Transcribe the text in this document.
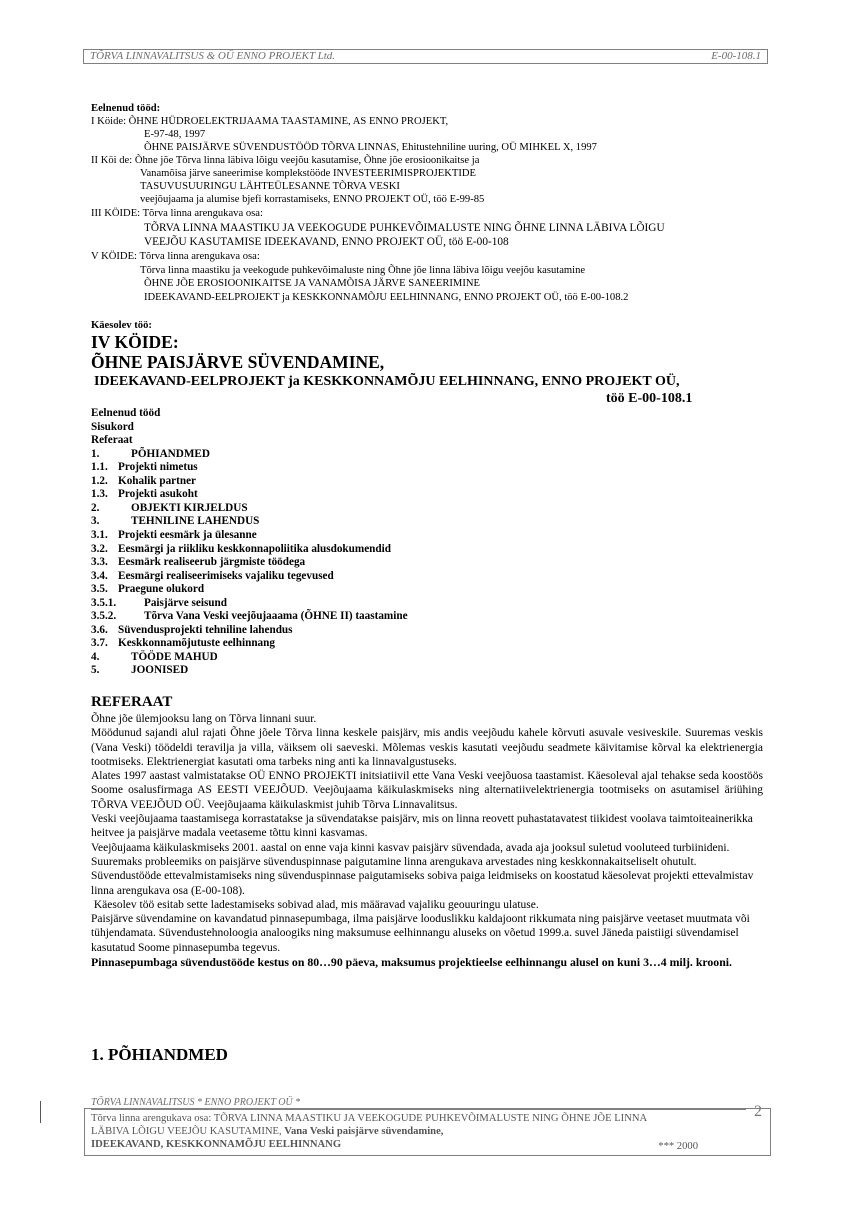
TÕRVA LINNAVALITSUS & OÜ ENNO PROJEKT Ltd.	E-00-108.1
Eelnenud tööd:
I Köide: ÕHNE HÜDROELEKTRIJAAMA TAASTAMINE, AS ENNO PROJEKT,
E-97-48, 1997
ÕHNE PAISJÄRVE SÜVENDUSTÖÖD TÕRVA LINNAS, Ehitustehniline uuring, OÜ MIHKEL X, 1997
II Köi de: Õhne jõe Tõrva linna läbiva lõigu veejõu kasutamise, Õhne jõe erosioonikaitse ja
Vanamõisa järve saneerimise komplekstööde INVESTEERIMISPROJEKTIDE
TASUVUSUURINGU LÄHTEÜLESANNE TÕRVA VESKI
veejõujaama ja alumise bjefi korrastamiseks, ENNO PROJEKT OÜ, töö E-99-85
III KÖIDE: Tõrva linna arengukava osa:
TÕRVA LINNA MAASTIKU JA VEEKOGUDE PUHKEVÕIMALUSTE NING ÕHNE LINNA LÄBIVA LÕIGU
VEEJÕU KASUTAMISE IDEEKAVAND, ENNO PROJEKT OÜ, töö E-00-108
V KÖIDE: Tõrva linna arengukava osa:
Tõrva linna maastiku ja veekogude puhkevõimaluste ning Õhne jõe linna läbiva lõigu veejõu kasutamine
ÕHNE JÕE EROSIOONIKAITSE JA VANAMÕISA JÄRVE SANEERIMINE
IDEEKAVAND-EELPROJEKT ja KESKKONNAMÕJU EELHINNANG, ENNO PROJEKT OÜ, töö E-00-108.2
Käesolev töö:
IV KÖIDE:
ÕHNE PAISJÄRVE SÜVENDAMINE,
IDEEKAVAND-EELPROJEKT ja KESKKONNAMÕJU EELHINNANG, ENNO PROJEKT OÜ,
töö E-00-108.1
Eelnenud tööd
Sisukord
Referaat
1.	PÕHIANDMED
1.1. Projekti nimetus
1.2. Kohalik partner
1.3. Projekti asukoht
2.	OBJEKTI KIRJELDUS
3.	TEHNILINE LAHENDUS
3.1. Projekti eesmärk ja ülesanne
3.2. Eesmärgi ja riikliku keskkonnapoliitika alusdokumendid
3.3. Eesmärk realiseerub järgmiste töödega
3.4. Eesmärgi realiseerimiseks vajaliku tegevused
3.5. Praegune olukord
3.5.1. Paisjärve seisund
3.5.2. Tõrva Vana Veski veejõujaaama (ÕHNE II) taastamine
3.6. Süvendusprojekti tehniline lahendus
3.7. Keskkonnamõjutuste eelhinnang
4.	TÖÖDE MAHUD
5.	JOONISED
REFERAAT
Õhne jõe ülemjooksu lang on Tõrva linnani suur.
Möödunud sajandi alul rajati Õhne jõele Tõrva linna keskele paisjärv, mis andis veejõudu kahele kõrvuti asuvale vesiveskile. Suuremas veskis (Vana Veski) töödeldi teravilja ja villa, väiksem oli saeveski. Mõlemas veskis kasutati veejõudu seadmete käivitamise kõrval ka elektrienergia tootmiseks. Elektrienergiat kasutati oma tarbeks ning anti ka linnavalgustuseks.
Alates 1997 aastast valmistatakse OÜ ENNO PROJEKTI initsiatiivil ette Vana Veski veejõuosa taastamist. Käesoleval ajal tehakse seda koostöös Soome osalusfirmaga AS EESTI VEEJÕUD. Veejõujaama käikulaskmiseks ning alternatiivelektrienergia tootmiseks on asutamisel äriühing TÕRVA VEEJÕUD OÜ. Veejõujaama käikulaskmist juhib Tõrva Linnavalitsus.
Veski veejõujaama taastamisega korrastatakse ja süvendatakse paisjärv, mis on linna reovett puhastatavatest tiikidest voolava taimtoiteainerikka heitvee ja paisjärve madala veetaseme tõttu kinni kasvamas.
Veejõujaama käikulaskmiseks 2001. aastal on enne vaja kinni kasvav paisjärv süvendada, avada aja jooksul suletud vooluteed turbiinideni.
Suuremaks probleemiks on paisjärve süvenduspinnase paigutamine linna arengukava arvestades ning keskkonnakaitseliselt ohutult. Süvendustööde ettevalmistamiseks ning süvenduspinnase paigutamiseks sobiva paiga leidmiseks on koostatud käesolevat projekti ettevalmistav linna arengukava osa (E-00-108).
Käesolev töö esitab sette ladestamiseks sobivad alad, mis määravad vajaliku geouuringu ulatuse.
Paisjärve süvendamine on kavandatud pinnasepumbaga, ilma paisjärve looduslikku kaldajoont rikkumata ning paisjärve veetaset muutmata või tühjendamata. Süvendustehnoloogia analoogiks ning maksumuse eelhinnangu aluseks on võetud 1999.a. suvel Jäneda paistiigi süvendamisel kasutatud Soome pinnasepumba tegevus.
Pinnasepumbaga süvendustööde kestus on 80…90 päeva, maksumus projektieelse eelhinnangu alusel on kuni 3…4 milj. krooni.
1. PÕHIANDMED
TÕRVA LINNAVALITSUS * ENNO PROJEKT OÜ *
Tõrva linna arengukava osa: TÕRVA LINNA MAASTIKU JA VEEKOGUDE PUHKEVÕIMALUSTE NING ÕHNE JÕE LINNA
LÄBIVA LÕIGU VEEJÕU KASUTAMINE, Vana Veski paisjärve süvendamine,
IDEEKAVAND, KESKKONNAMÕJU EELHINNANG	*** 2000
2
